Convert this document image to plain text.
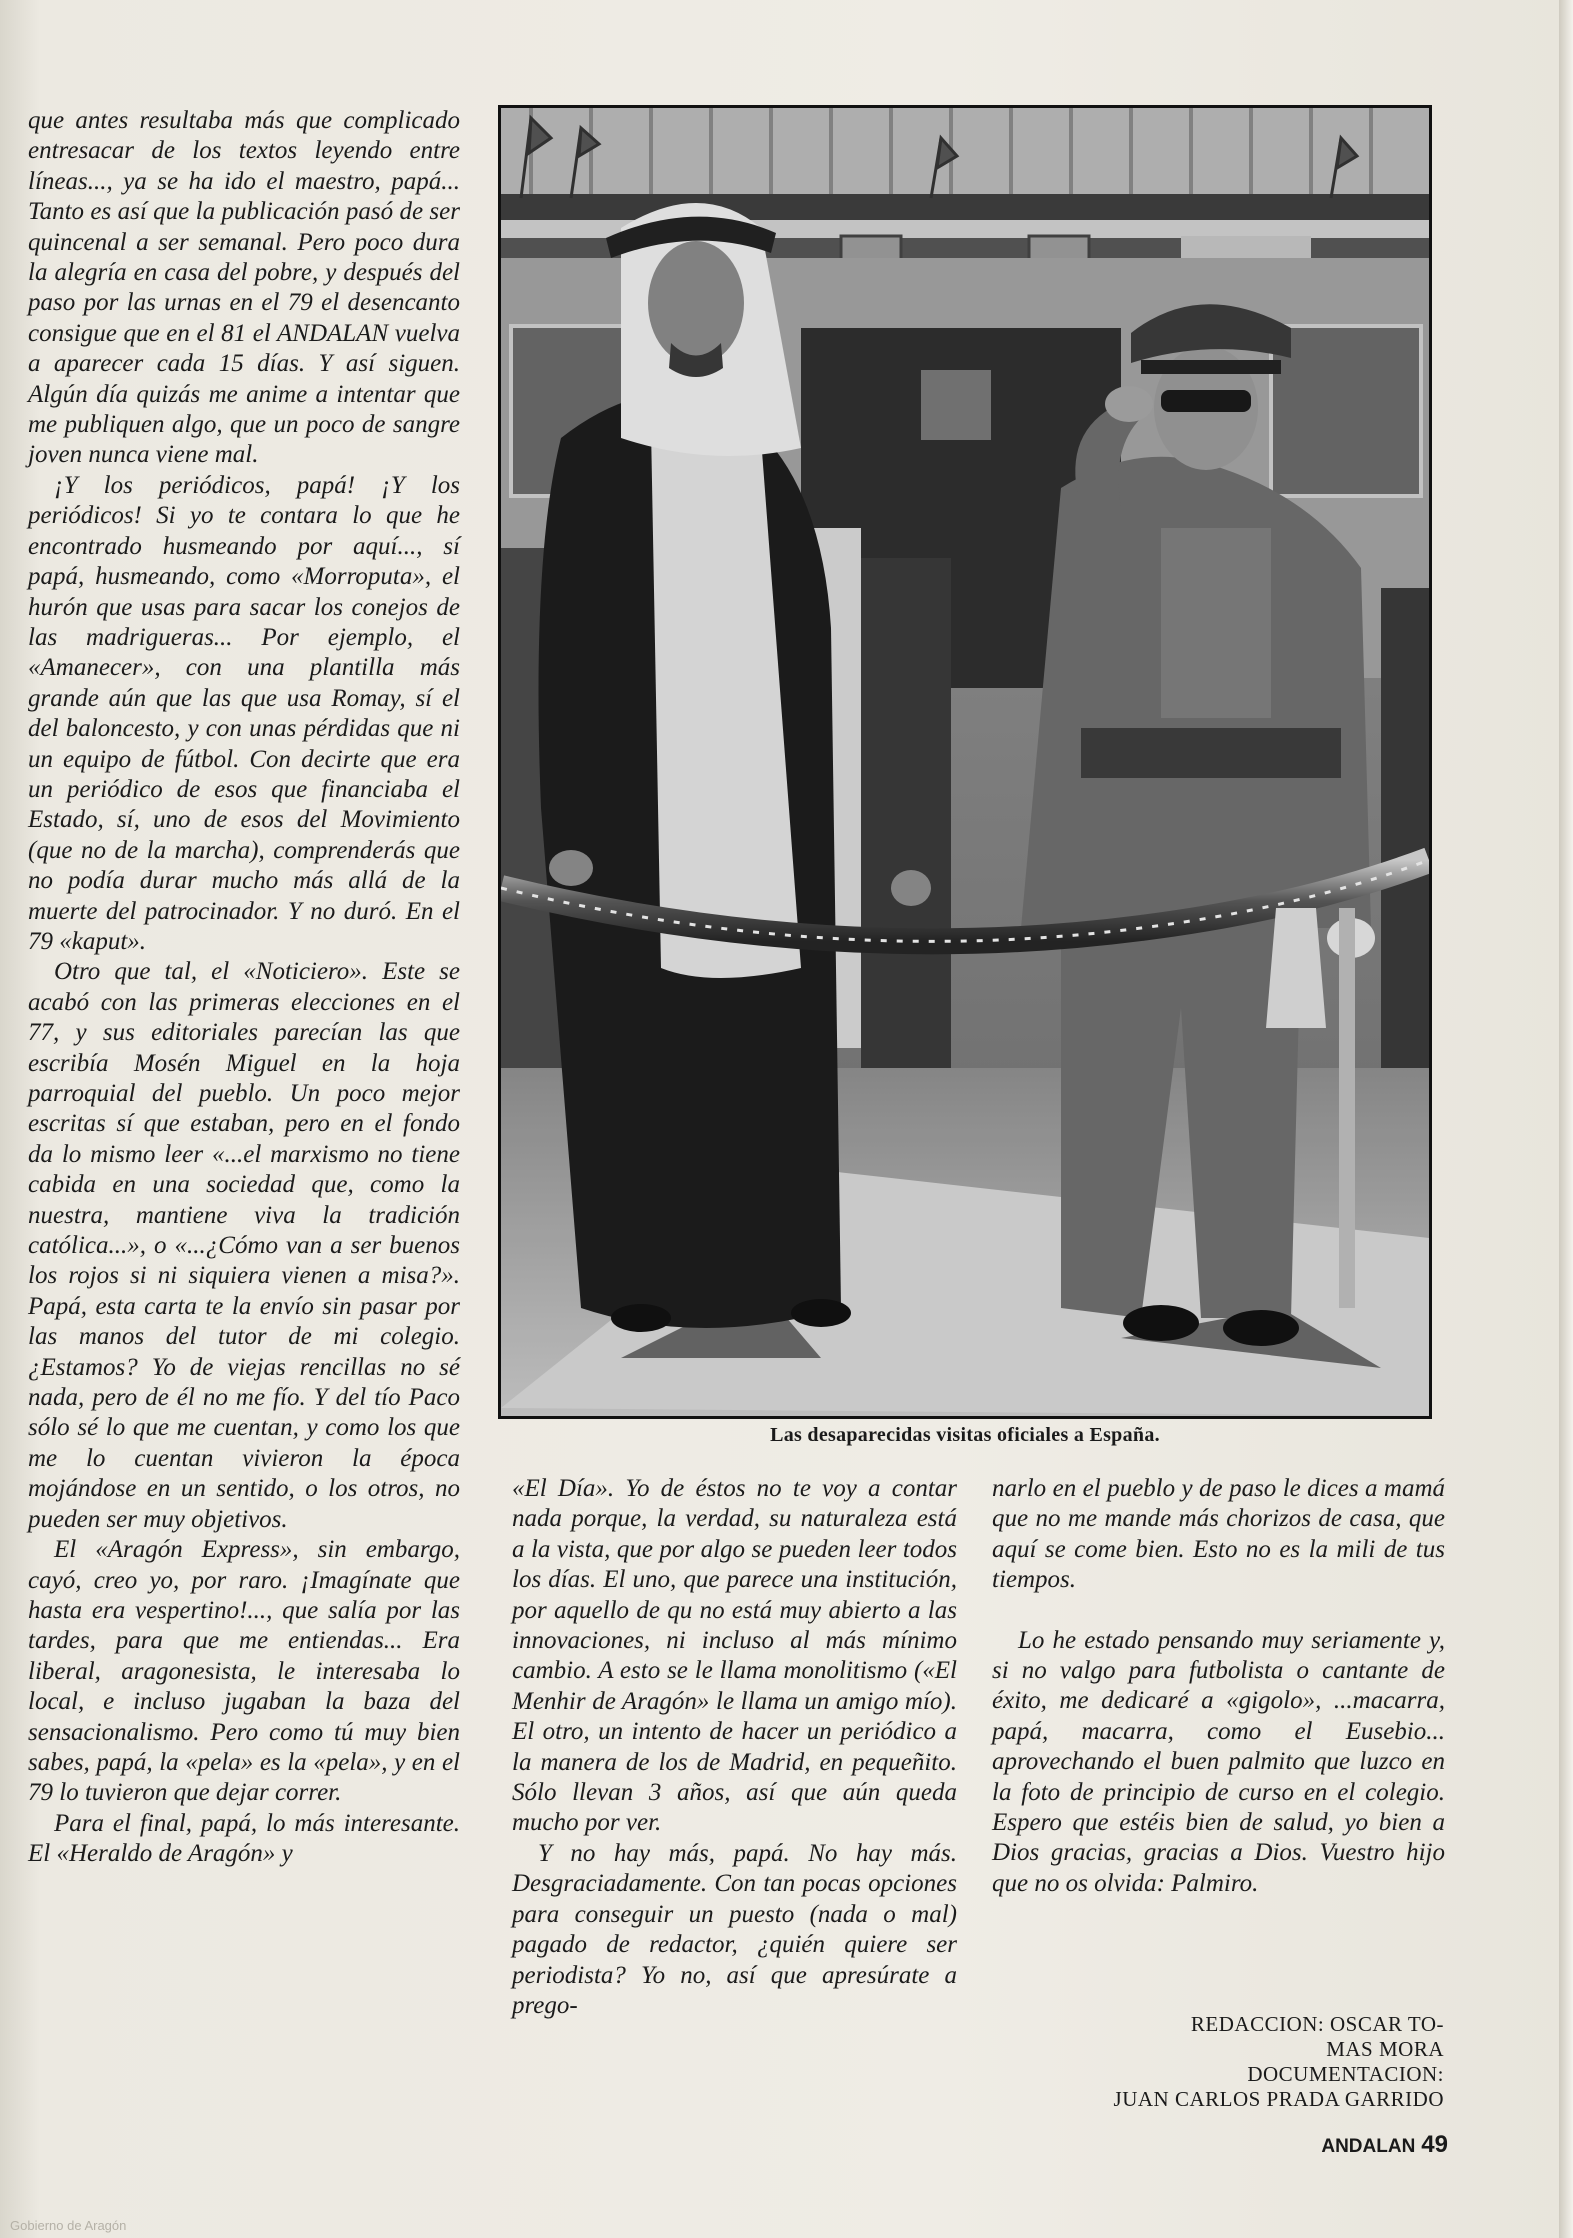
que antes resultaba más que complicado entresacar de los textos leyendo entre líneas..., ya se ha ido el maestro, papá... Tanto es así que la publicación pasó de ser quincenal a ser semanal. Pero poco dura la alegría en casa del pobre, y después del paso por las urnas en el 79 el desencanto consigue que en el 81 el ANDALAN vuelva a aparecer cada 15 días. Y así siguen. Algún día quizás me anime a intentar que me publiquen algo, que un poco de sangre joven nunca viene mal.

¡Y los periódicos, papá! ¡Y los periódicos! Si yo te contara lo que he encontrado husmeando por aquí..., sí papá, husmeando, como «Morroputa», el hurón que usas para sacar los conejos de las madrigueras... Por ejemplo, el «Amanecer», con una plantilla más grande aún que las que usa Romay, sí el del baloncesto, y con unas pérdidas que ni un equipo de fútbol. Con decirte que era un periódico de esos que financiaba el Estado, sí, uno de esos del Movimiento (que no de la marcha), comprenderás que no podía durar mucho más allá de la muerte del patrocinador. Y no duró. En el 79 «kaput».

Otro que tal, el «Noticiero». Este se acabó con las primeras elecciones en el 77, y sus editoriales parecían las que escribía Mosén Miguel en la hoja parroquial del pueblo. Un poco mejor escritas sí que estaban, pero en el fondo da lo mismo leer «...el marxismo no tiene cabida en una sociedad que, como la nuestra, mantiene viva la tradición católica...», o «...¿Cómo van a ser buenos los rojos si ni siquiera vienen a misa?». Papá, esta carta te la envío sin pasar por las manos del tutor de mi colegio. ¿Estamos? Yo de viejas rencillas no sé nada, pero de él no me fío. Y del tío Paco sólo sé lo que me cuentan, y como los que me lo cuentan vivieron la época mojándose en un sentido, o los otros, no pueden ser muy objetivos.

El «Aragón Express», sin embargo, cayó, creo yo, por raro. ¡Imagínate que hasta era vespertino!..., que salía por las tardes, para que me entiendas... Era liberal, aragonesista, le interesaba lo local, e incluso jugaban la baza del sensacionalismo. Pero como tú muy bien sabes, papá, la «pela» es la «pela», y en el 79 lo tuvieron que dejar correr.

Para el final, papá, lo más interesante. El «Heraldo de Aragón» y

Las desaparecidas visitas oficiales a España.

«El Día». Yo de éstos no te voy a contar nada porque, la verdad, su naturaleza está a la vista, que por algo se pueden leer todos los días. El uno, que parece una institución, por aquello de qu no está muy abierto a las innovaciones, ni incluso al más mínimo cambio. A esto se le llama monolitismo («El Menhir de Aragón» le llama un amigo mío). El otro, un intento de hacer un periódico a la manera de los de Madrid, en pequeñito. Sólo llevan 3 años, así que aún queda mucho por ver.

Y no hay más, papá. No hay más. Desgraciadamente. Con tan pocas opciones para conseguir un puesto (nada o mal) pagado de redactor, ¿quién quiere ser periodista? Yo no, así que apresúrate a prego-

narlo en el pueblo y de paso le dices a mamá que no me mande más chorizos de casa, que aquí se come bien. Esto no es la mili de tus tiempos.

Lo he estado pensando muy seriamente y, si no valgo para futbolista o cantante de éxito, me dedicaré a «gigolo», ...macarra, papá, macarra, como el Eusebio... aprovechando el buen palmito que luzco en la foto de principio de curso en el colegio. Espero que estéis bien de salud, yo bien a Dios gracias, gracias a Dios. Vuestro hijo que no os olvida: Palmiro.

REDACCION: OSCAR TO-
MAS MORA
DOCUMENTACION:
JUAN CARLOS PRADA GARRIDO
ANDALAN 49
Gobierno de Aragón
